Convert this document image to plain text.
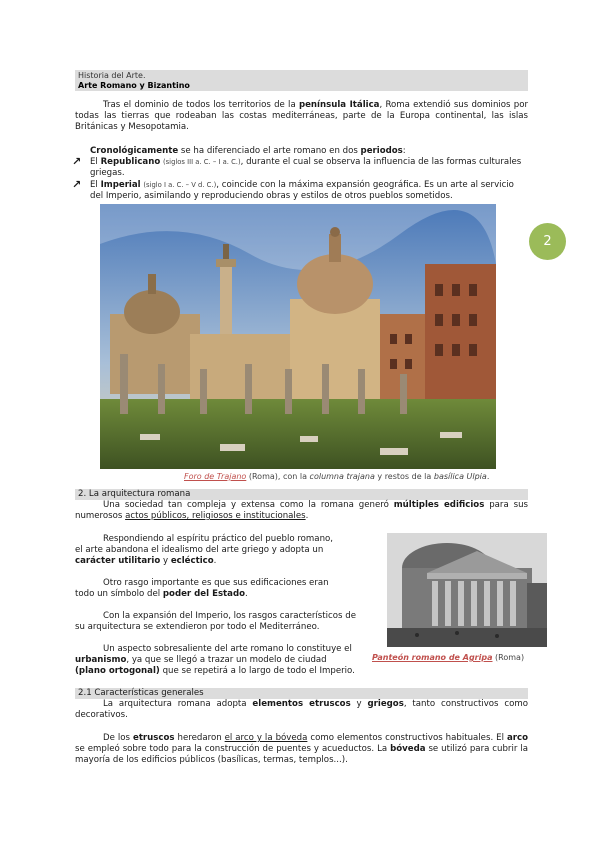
Historia del Arte.
Arte Romano y Bizantino
Tras el dominio de todos los territorios de la península Itálica, Roma extendió sus dominios por todas las tierras que rodeaban las costas mediterráneas, parte de la Europa continental, las islas Británicas y Mesopotamia.
Cronológicamente se ha diferenciado el arte romano en dos periodos:
↗ El Republicano (siglos III a. C. – I a. C.), durante el cual se observa la influencia de las formas culturales griegas.
↗ El Imperial (siglo I a. C. – V d. C.), coincide con la máxima expansión geográfica. Es un arte al servicio del Imperio, asimilando y reproduciendo obras y estilos de otros pueblos sometidos.
2
Foro de Trajano (Roma), con la columna trajana y restos de la basílica Ulpia.
2. La arquitectura romana
Una sociedad tan compleja y extensa como la romana generó múltiples edificios para sus numerosos actos públicos, religiosos e institucionales.
Respondiendo al espíritu práctico del pueblo romano,
el arte abandona el idealismo del arte griego y adopta un
carácter utilitario y ecléctico.
Otro rasgo importante es que sus edificaciones eran
todo un símbolo del poder del Estado.
Con la expansión del Imperio, los rasgos característicos de
su arquitectura se extendieron por todo el Mediterráneo.
Un aspecto sobresaliente del arte romano lo constituye el
urbanismo, ya que se llegó a trazar un modelo de ciudad
(plano ortogonal) que se repetirá a lo largo de todo el Imperio.
Panteón romano de Agripa (Roma)
2.1 Características generales
La arquitectura romana adopta elementos etruscos y griegos, tanto constructivos como decorativos.
De los etruscos heredaron el arco y la bóveda como elementos constructivos habituales. El arco se empleó sobre todo para la construcción de puentes y acueductos. La bóveda se utilizó para cubrir la mayoría de los edificios públicos (basílicas, termas, templos...).
